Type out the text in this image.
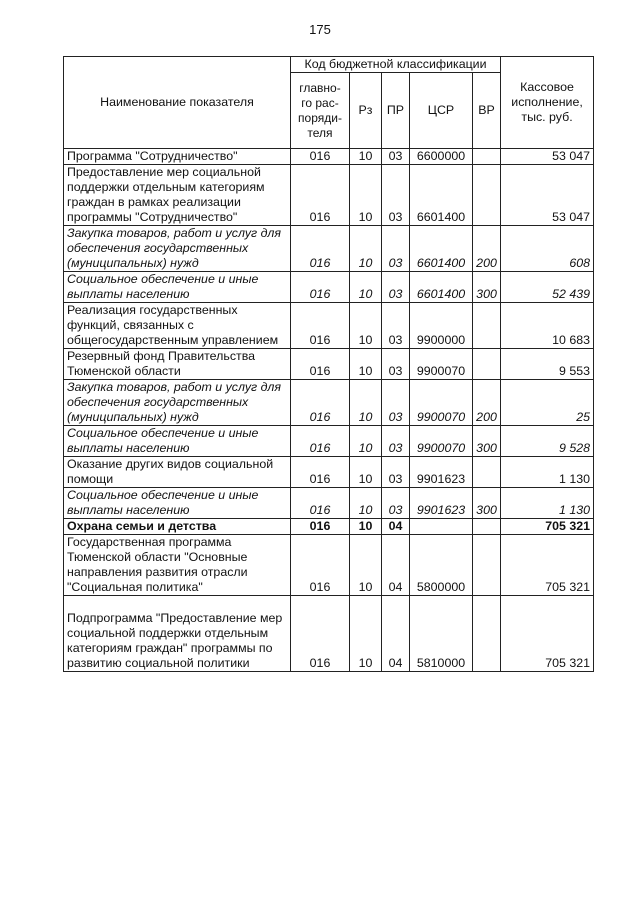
175
Наименование показателя	Код бюджетной классификации					Кассовое исполнение, тыс. руб.
	главно-го рас-поряди-теля	Рз	ПР	ЦСР	ВР	
Программа "Сотрудничество"	016	10	03	6600000		53 047
Предоставление мер социальной поддержки отдельным категориям граждан в рамках реализации программы "Сотрудничество"	016	10	03	6601400		53 047
Закупка товаров, работ и услуг для обеспечения государственных (муниципальных) нужд	016	10	03	6601400	200	608
Социальное обеспечение и иные выплаты населению	016	10	03	6601400	300	52 439
Реализация государственных функций, связанных с общегосударственным управлением	016	10	03	9900000		10 683
Резервный фонд Правительства Тюменской области	016	10	03	9900070		9 553
Закупка товаров, работ и услуг для обеспечения государственных (муниципальных) нужд	016	10	03	9900070	200	25
Социальное обеспечение и иные выплаты населению	016	10	03	9900070	300	9 528
Оказание других видов социальной помощи	016	10	03	9901623		1 130
Социальное обеспечение и иные выплаты населению	016	10	03	9901623	300	1 130
Охрана семьи и детства	016	10	04			705 321
Государственная программа Тюменской области "Основные направления развития отрасли "Социальная политика"	016	10	04	5800000		705 321
Подпрограмма "Предоставление мер социальной поддержки отдельным категориям граждан" программы по развитию социальной политики	016	10	04	5810000		705 321
